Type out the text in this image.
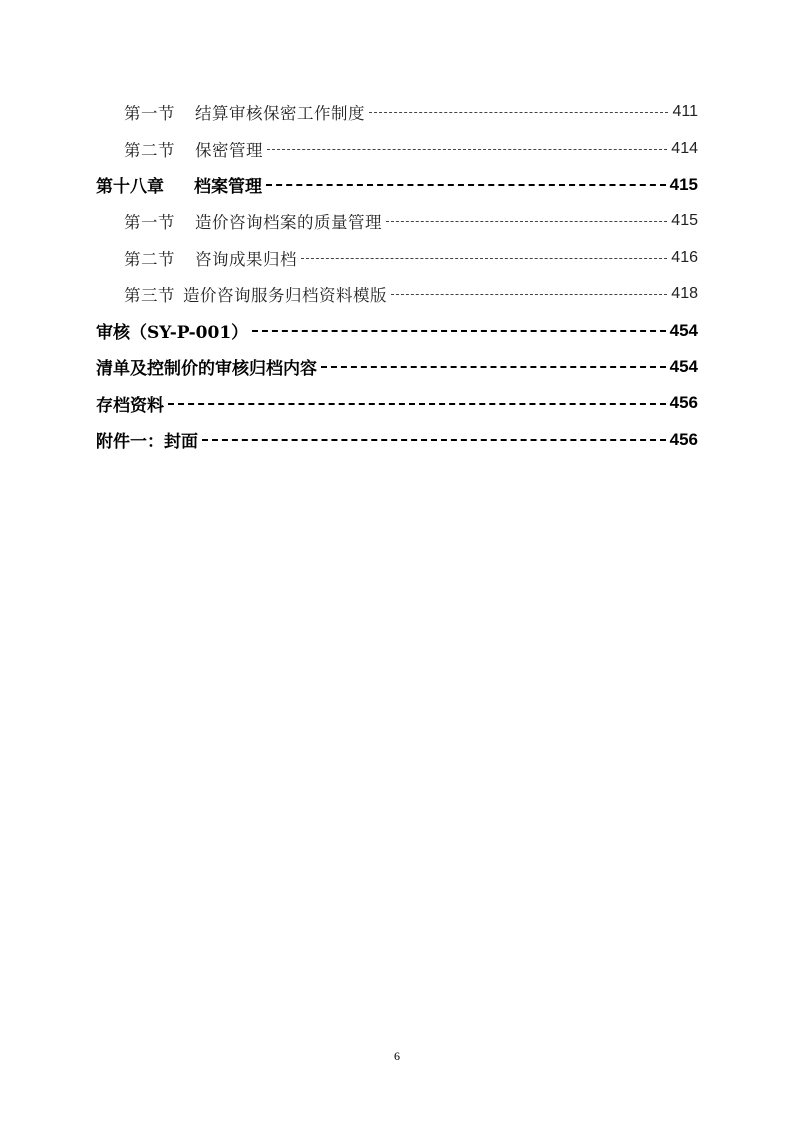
第一节 结算审核保密工作制度	411
第二节 保密管理	414
第十八章 档案管理	415
第一节 造价咨询档案的质量管理	415
第二节 咨询成果归档	416
第三节 造价咨询服务归档资料模版	418
审核（SY-P-001）	454
清单及控制价的审核归档内容	454
存档资料	456
附件一：封面	456
6
